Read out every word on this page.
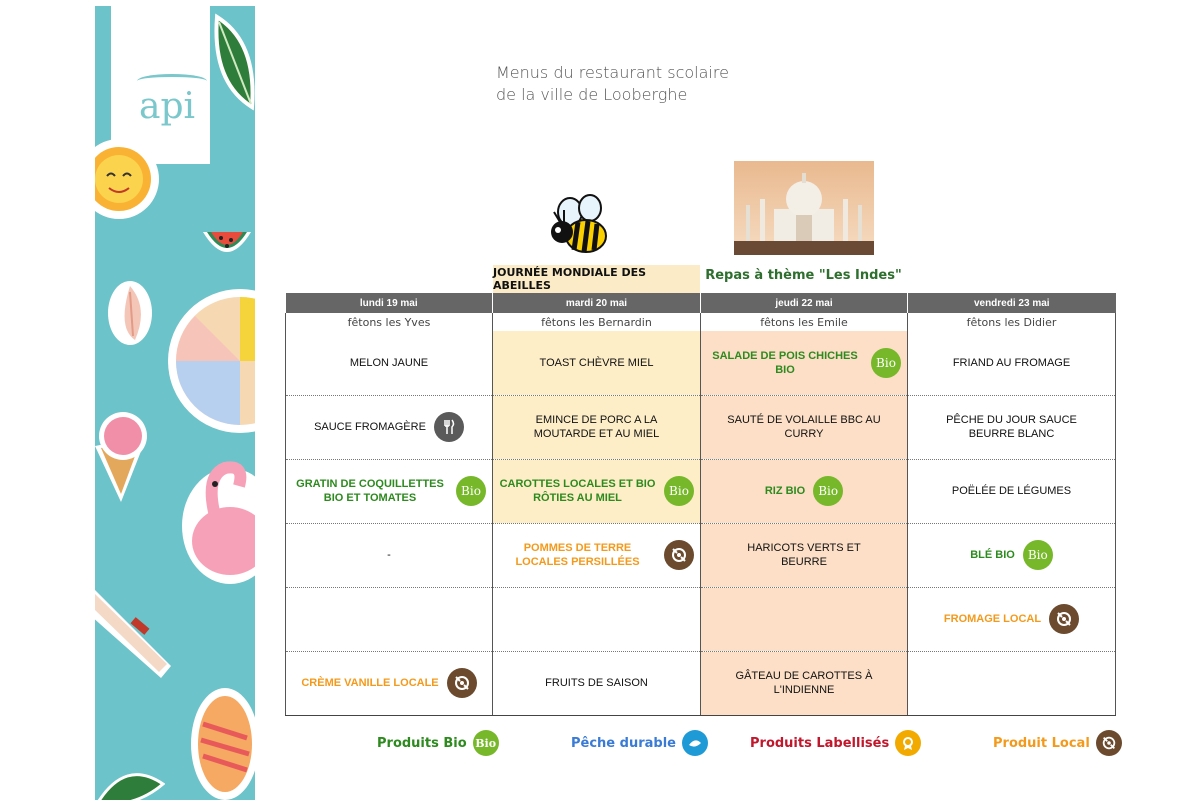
api
Menus du restaurant scolaire
de la ville de Looberghe
JOURNÉE MONDIALE DES ABEILLES
Repas à thème "Les Indes"
lundi 19 mai	mardi 20 mai	jeudi 22 mai	vendredi 23 mai
fêtons les Yves	fêtons les Bernardin	fêtons les Emile	fêtons les Didier

MELON JAUNE	TOAST CHÈVRE MIEL	SALADE DE POIS CHICHES BIO Bio	FRIAND AU FROMAGE

SAUCE FROMAGÈRE	EMINCE DE PORC A LA MOUTARDE ET AU MIEL	SAUTÉ DE VOLAILLE BBC AU CURRY	PÊCHE DU JOUR SAUCE BEURRE BLANC

GRATIN DE COQUILLETTES BIO ET TOMATES Bio	CAROTTES LOCALES ET BIO RÔTIES AU MIEL Bio	RIZ BIO Bio	POËLÉE DE LÉGUMES

-	POMMES DE TERRE LOCALES PERSILLÉES	HARICOTS VERTS ET BEURRE	BLÉ BIO Bio

			FROMAGE LOCAL

CRÈME VANILLE LOCALE	FRUITS DE SAISON	GÂTEAU DE CAROTTES À L'INDIENNE	

Produits Bio Bio	Pêche durable	Produits Labellisés	Produit Local
